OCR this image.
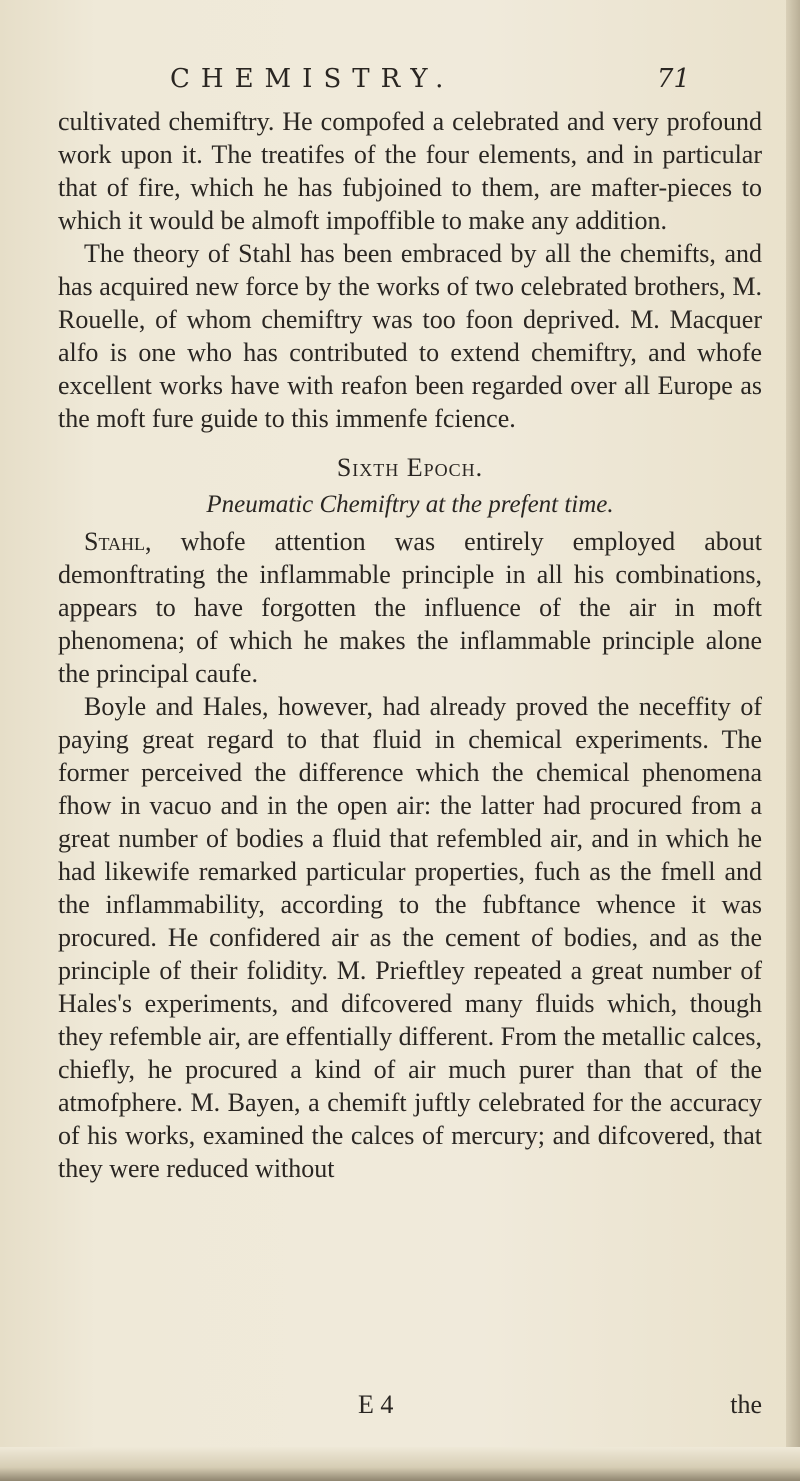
CHEMISTRY.	71

cultivated chemiftry. He compofed a celebrated and very profound work upon it. The treatifes of the four elements, and in particular that of fire, which he has fubjoined to them, are mafter-pieces to which it would be almoft impoffible to make any addition.

The theory of Stahl has been embraced by all the chemifts, and has acquired new force by the works of two celebrated brothers, M. Rouelle, of whom chemiftry was too foon deprived. M. Macquer alfo is one who has contributed to extend chemiftry, and whofe excellent works have with reafon been regarded over all Europe as the moft fure guide to this immenfe fcience.

Sixth Epoch.
Pneumatic Chemiftry at the prefent time.

Stahl, whofe attention was entirely employed about demonftrating the inflammable principle in all his combinations, appears to have forgotten the influence of the air in moft phenomena; of which he makes the inflammable principle alone the principal caufe.

Boyle and Hales, however, had already proved the neceffity of paying great regard to that fluid in chemical experiments. The former perceived the difference which the chemical phenomena fhow in vacuo and in the open air: the latter had procured from a great number of bodies a fluid that refembled air, and in which he had likewife remarked particular properties, fuch as the fmell and the inflammability, according to the fubftance whence it was procured. He confidered air as the cement of bodies, and as the principle of their folidity. M. Prieftley repeated a great number of Hales's experiments, and difcovered many fluids which, though they refemble air, are effentially different. From the metallic calces, chiefly, he procured a kind of air much purer than that of the atmofphere. M. Bayen, a chemift juftly celebrated for the accuracy of his works, examined the calces of mercury; and difcovered, that they were reduced without

E 4	the
